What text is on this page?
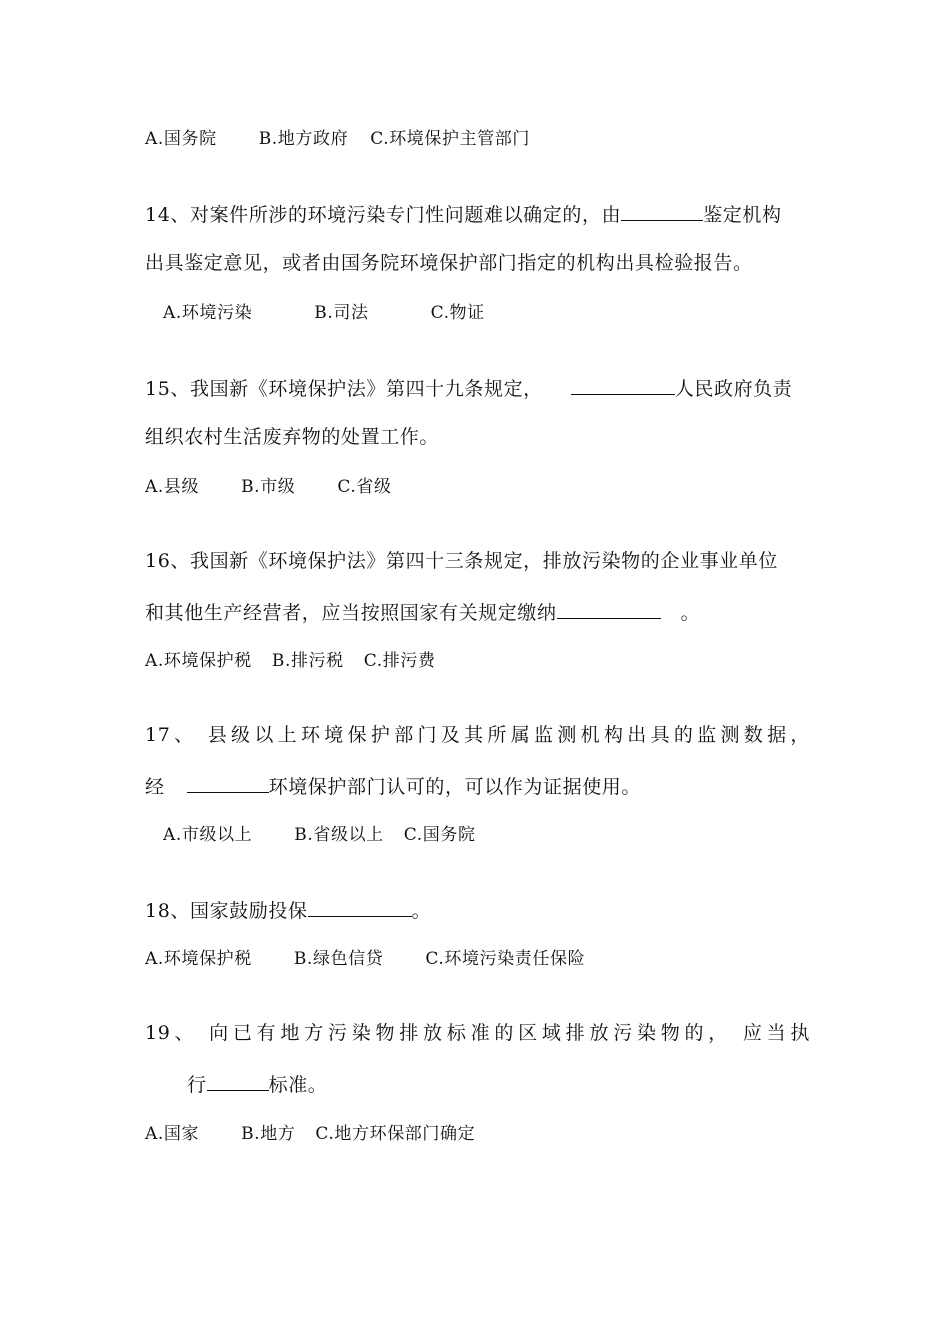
A.国务院 B.地方政府 C.环境保护主管部门
14、对案件所涉的环境污染专门性问题难以确定的，由	鉴定机构
出具鉴定意见，或者由国务院环境保护部门指定的机构出具检验报告。
A.环境污染	B.司法	C.物证
15、我国新《环境保护法》第四十九条规定，	人民政府负责
组织农村生活废弃物的处置工作。
A.县级 B.市级 C.省级
16、我国新《环境保护法》第四十三条规定，排放污染物的企业事业单位
和其他生产经营者，应当按照国家有关规定缴纳	。
A.环境保护税 B.排污税 C.排污费
17、 县级以上环境保护部门及其所属监测机构出具的监测数据，
经	环境保护部门认可的，可以作为证据使用。
A.市级以上 B.省级以上 C.国务院
18、国家鼓励投保	。
A.环境保护税 B.绿色信贷 C.环境污染责任保险
19、 向已有地方污染物排放标准的区域排放污染物的， 应当执
行	标准。
A.国家 B.地方 C.地方环保部门确定
